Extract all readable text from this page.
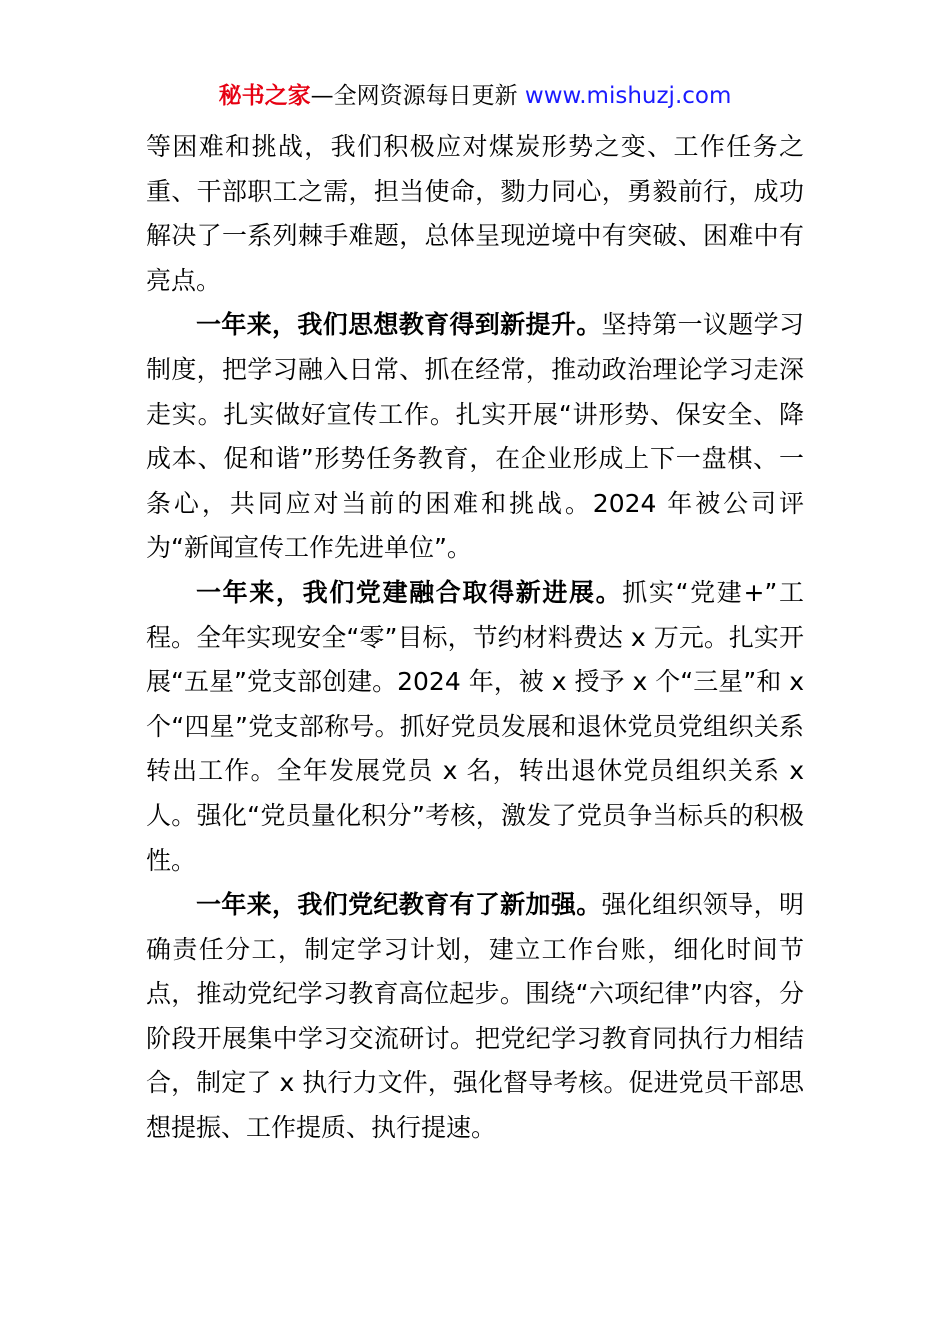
秘书之家—全网资源每日更新 www.mishuzj.com

等困难和挑战，我们积极应对煤炭形势之变、工作任务之重、干部职工之需，担当使命，勠力同心，勇毅前行，成功解决了一系列棘手难题，总体呈现逆境中有突破、困难中有亮点。

一年来，我们思想教育得到新提升。坚持第一议题学习制度，把学习融入日常、抓在经常，推动政治理论学习走深走实。扎实做好宣传工作。扎实开展“讲形势、保安全、降成本、促和谐”形势任务教育，在企业形成上下一盘棋、一条心，共同应对当前的困难和挑战。2024 年被公司评为“新闻宣传工作先进单位”。

一年来，我们党建融合取得新进展。抓实“党建+”工程。全年实现安全“零”目标，节约材料费达 x 万元。扎实开展“五星”党支部创建。2024 年，被 x 授予 x 个“三星”和 x 个“四星”党支部称号。抓好党员发展和退休党员党组织关系转出工作。全年发展党员 x 名，转出退休党员组织关系 x 人。强化“党员量化积分”考核，激发了党员争当标兵的积极性。

一年来，我们党纪教育有了新加强。强化组织领导，明确责任分工，制定学习计划，建立工作台账，细化时间节点，推动党纪学习教育高位起步。围绕“六项纪律”内容，分阶段开展集中学习交流研讨。把党纪学习教育同执行力相结合，制定了 x 执行力文件，强化督导考核。促进党员干部思想提振、工作提质、执行提速。
